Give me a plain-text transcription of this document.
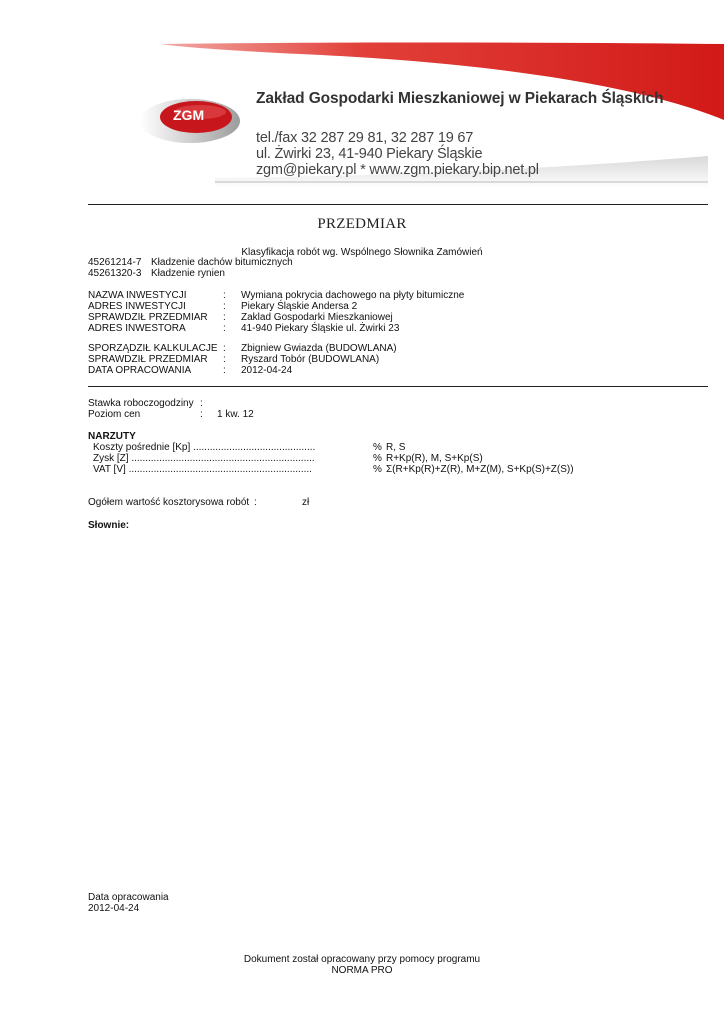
ZGM
Zakład Gospodarki Mieszkaniowej w Piekarach Śląskich
tel./fax 32 287 29 81, 32 287 19 67
ul. Żwirki 23, 41-940 Piekary Śląskie
zgm@piekary.pl * www.zgm.piekary.bip.net.pl
PRZEDMIAR
Klasyfikacja robót wg. Wspólnego Słownika Zamówień
45261214-7	Kładzenie dachów bitumicznych
45261320-3	Kładzenie rynien
NAZWA INWESTYCJI	:	Wymiana pokrycia dachowego na płyty bitumiczne
ADRES INWESTYCJI	:	Piekary Śląskie Andersa 2
SPRAWDZIŁ PRZEDMIAR	:	Zaklad Gospodarki Mieszkaniowej
ADRES INWESTORA	:	41-940 Piekary Śląskie ul. Żwirki 23
SPORZĄDZIŁ KALKULACJE	:	Zbigniew Gwiazda (BUDOWLANA)
SPRAWDZIŁ PRZEDMIAR	:	Ryszard Tobór (BUDOWLANA)
DATA OPRACOWANIA	:	2012-04-24
Stawka roboczogodziny	:	
Poziom cen	:	1 kw. 12
NARZUTY
Koszty pośrednie [Kp] ............................................	%	R, S
Zysk [Z] ..................................................................	%	R+Kp(R), M, S+Kp(S)
VAT [V] ..................................................................	%	Σ(R+Kp(R)+Z(R), M+Z(M), S+Kp(S)+Z(S))
Ogółem wartość kosztorysowa robót	:	zł
Słownie:
Data opracowania
2012-04-24
Dokument został opracowany przy pomocy programu
NORMA PRO
